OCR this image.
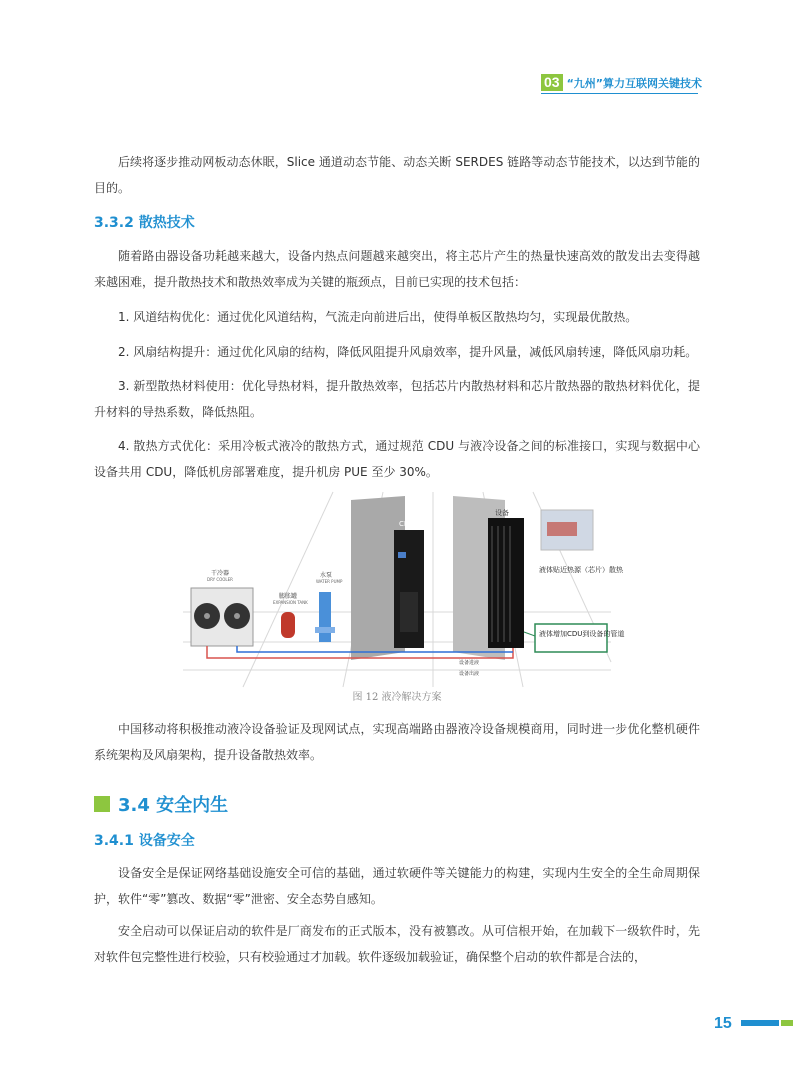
03 “九州”算力互联网关键技术

后续将逐步推动网板动态休眠，Slice 通道动态节能、动态关断 SERDES 链路等动态节能技术，以达到节能的目的。

3.3.2 散热技术

随着路由器设备功耗越来越大，设备内热点问题越来越突出，将主芯片产生的热量快速高效的散发出去变得越来越困难，提升散热技术和散热效率成为关键的瓶颈点，目前已实现的技术包括：

1. 风道结构优化：通过优化风道结构，气流走向前进后出，使得单板区散热均匀，实现最优散热。

2. 风扇结构提升：通过优化风扇的结构，降低风阻提升风扇效率，提升风量，减低风扇转速，降低风扇功耗。

3. 新型散热材料使用：优化导热材料，提升散热效率，包括芯片内散热材料和芯片散热器的散热材料优化，提升材料的导热系数，降低热阻。

4. 散热方式优化：采用冷板式液冷的散热方式，通过规范 CDU 与液冷设备之间的标准接口，实现与数据中心设备共用 CDU，降低机房部署难度，提升机房 PUE 至少 30%。

CDU
设备
干冷器
DRY COOLER
膨胀罐
EXPANSION TANK
水泵
WATER PUMP
设备进液
设备出液
液体贴近热源（芯片）散热
液体增加CDU到设备的管道
图 12 液冷解决方案

中国移动将积极推动液冷设备验证及现网试点，实现高端路由器液冷设备规模商用，同时进一步优化整机硬件系统架构及风扇架构，提升设备散热效率。

3.4 安全内生
3.4.1 设备安全

设备安全是保证网络基础设施安全可信的基础，通过软硬件等关键能力的构建，实现内生安全的全生命周期保护，软件“零”篡改、数据“零”泄密、安全态势自感知。

安全启动可以保证启动的软件是厂商发布的正式版本，没有被篡改。从可信根开始，在加载下一级软件时，先对软件包完整性进行校验，只有校验通过才加载。软件逐级加载验证，确保整个启动的软件都是合法的，

15
